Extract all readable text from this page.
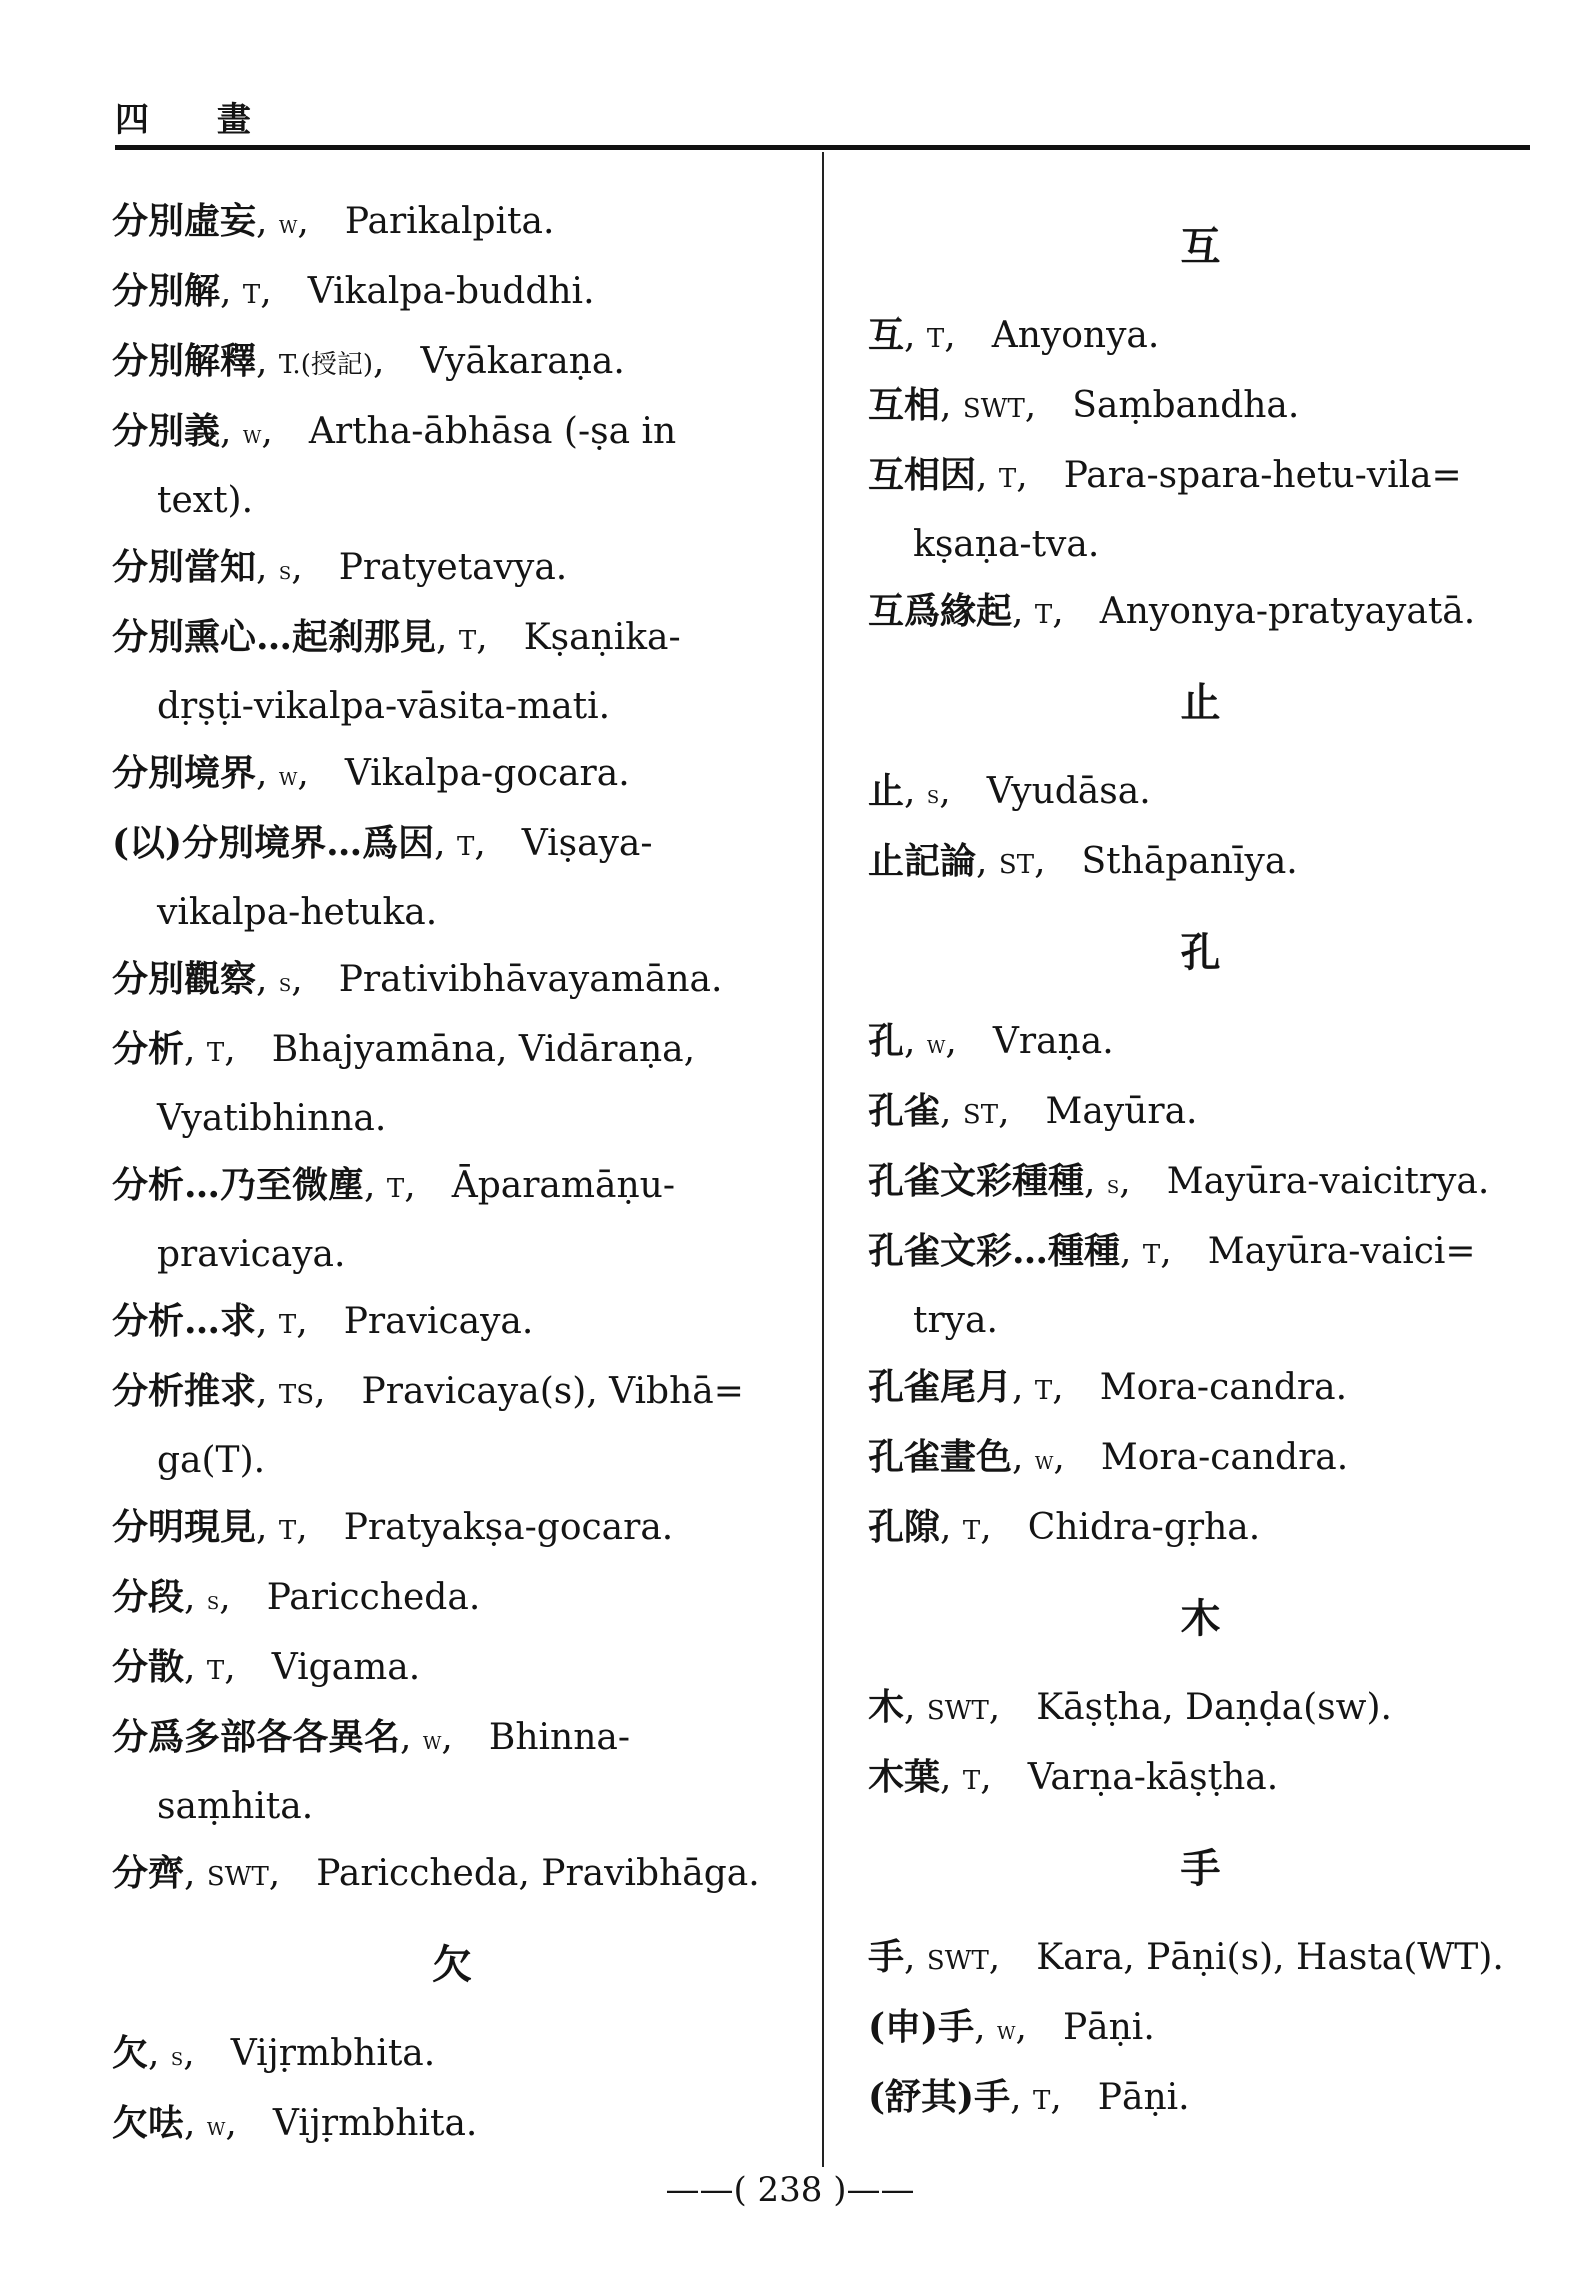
四 畫
分別虛妄, w, Parikalpita.
分別解, T, Vikalpa-buddhi.
分別解釋, T.(授記), Vyākaraṇa.
分別義, w, Artha-ābhāsa (-ṣa in
text).
分別當知, s, Pratyetavya.
分別熏心…起刹那見, T, Kṣaṇika-
dṛṣṭi-vikalpa-vāsita-mati.
分別境界, w, Vikalpa-gocara.
(以)分別境界…爲因, T, Viṣaya-
vikalpa-hetuka.
分別觀察, s, Prativibhāvayamāna.
分析, T, Bhajyamāna, Vidāraṇa,
Vyatibhinna.
分析…乃至微塵, T, Āparamāṇu-
pravicaya.
分析…求, T, Pravicaya.
分析推求, TS, Pravicaya(s), Vibhā=
ga(T).
分明現見, T, Pratyakṣa-gocara.
分段, s, Pariccheda.
分散, T, Vigama.
分爲多部各各異名, w, Bhinna-
saṃhita.
分齊, SWT, Pariccheda, Pravibhāga.
欠
欠, s, Vijṛmbhita.
欠呿, w, Vijṛmbhita.
互
互, T, Anyonya.
互相, SWT, Saṃbandha.
互相因, T, Para-spara-hetu-vila=
kṣaṇa-tva.
互爲緣起, T, Anyonya-pratyayatā.
止
止, s, Vyudāsa.
止記論, ST, Sthāpanīya.
孔
孔, w, Vraṇa.
孔雀, ST, Mayūra.
孔雀文彩種種, s, Mayūra-vaicitrya.
孔雀文彩…種種, T, Mayūra-vaici=
trya.
孔雀尾月, T, Mora-candra.
孔雀畫色, w, Mora-candra.
孔隙, T, Chidra-gṛha.
木
木, SWT, Kāṣṭha, Daṇḍa(sw).
木葉, T, Varṇa-kāṣṭha.
手
手, SWT, Kara, Pāṇi(s), Hasta(WT).
(申)手, w, Pāṇi.
(舒其)手, T, Pāṇi.
——( 238 )——
